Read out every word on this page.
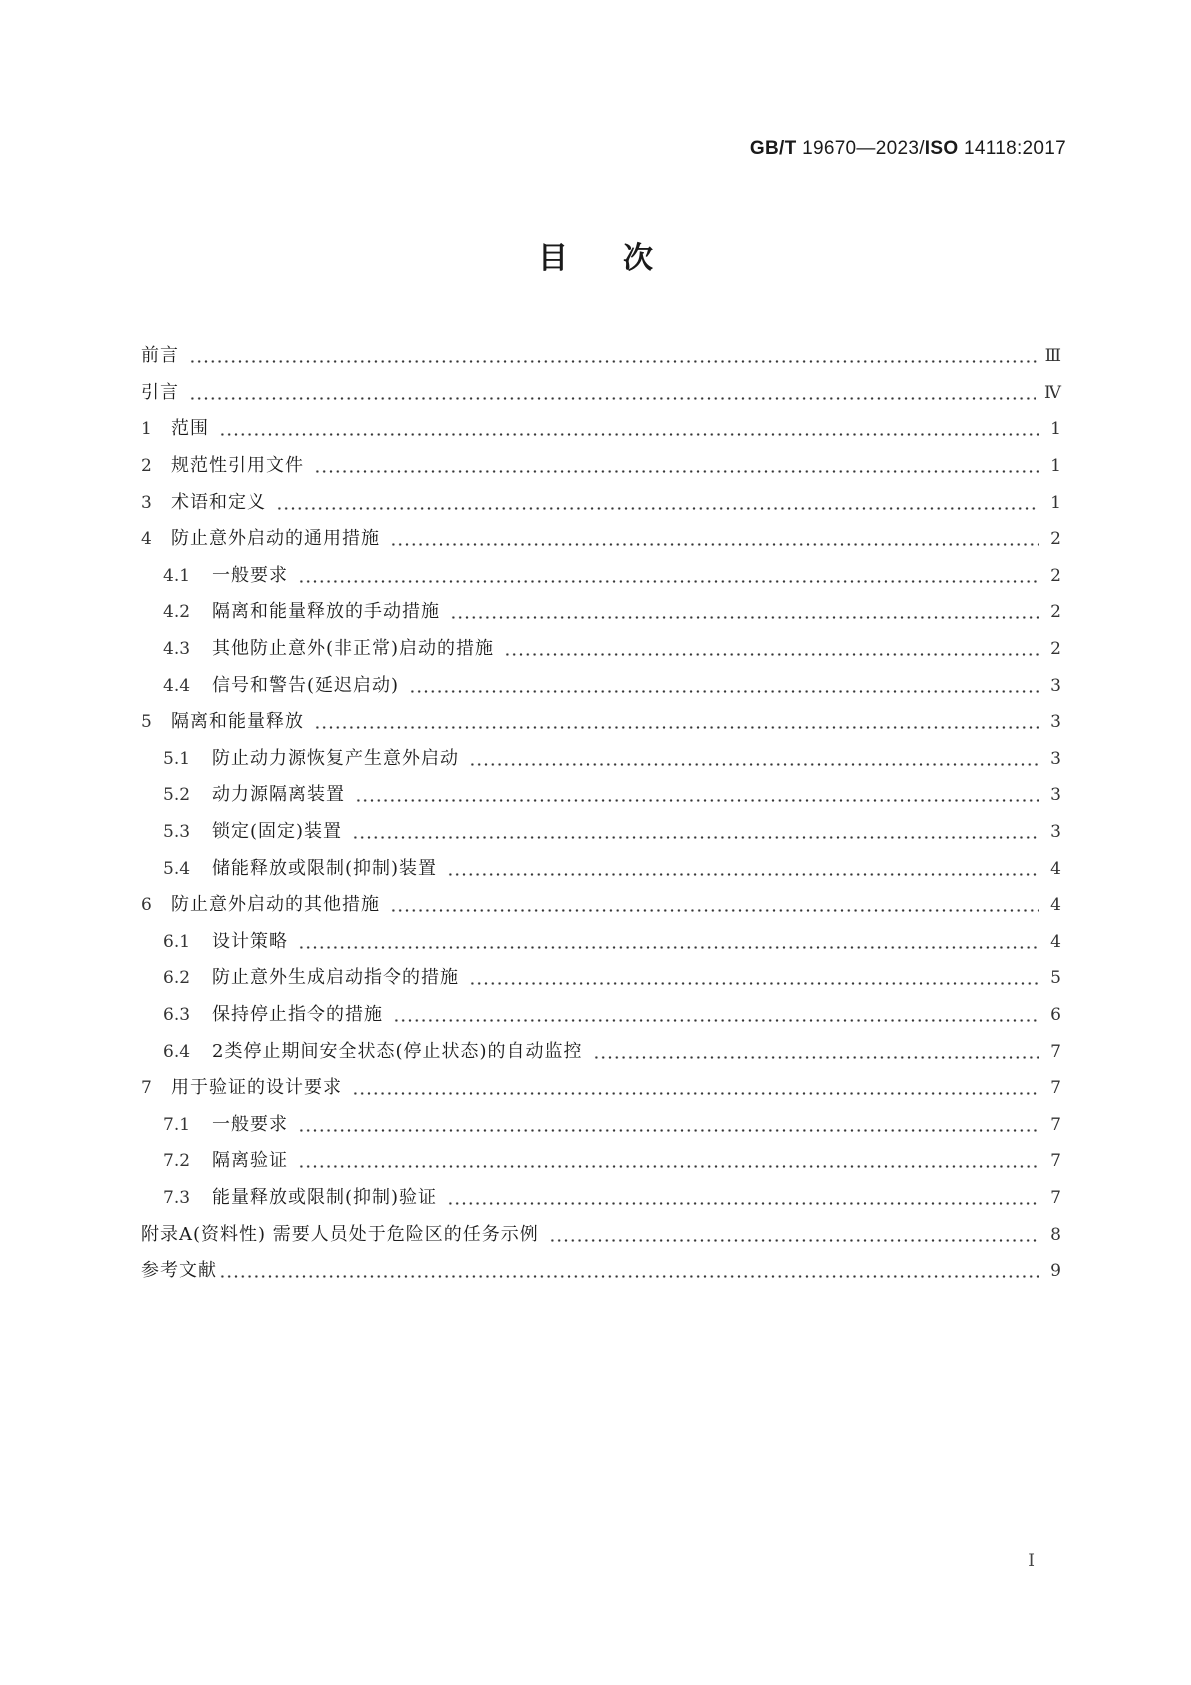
GB/T 19670—2023/ISO 14118:2017
目次
前言	Ⅲ
引言	Ⅳ
1	范围	1
2	规范性引用文件	1
3	术语和定义	1
4	防止意外启动的通用措施	2
4.1	一般要求	2
4.2	隔离和能量释放的手动措施	2
4.3	其他防止意外(非正常)启动的措施	2
4.4	信号和警告(延迟启动)	3
5	隔离和能量释放	3
5.1	防止动力源恢复产生意外启动	3
5.2	动力源隔离装置	3
5.3	锁定(固定)装置	3
5.4	储能释放或限制(抑制)装置	4
6	防止意外启动的其他措施	4
6.1	设计策略	4
6.2	防止意外生成启动指令的措施	5
6.3	保持停止指令的措施	6
6.4	2类停止期间安全状态(停止状态)的自动监控	7
7	用于验证的设计要求	7
7.1	一般要求	7
7.2	隔离验证	7
7.3	能量释放或限制(抑制)验证	7
附录A(资料性) 需要人员处于危险区的任务示例	8
参考文献	9
I
